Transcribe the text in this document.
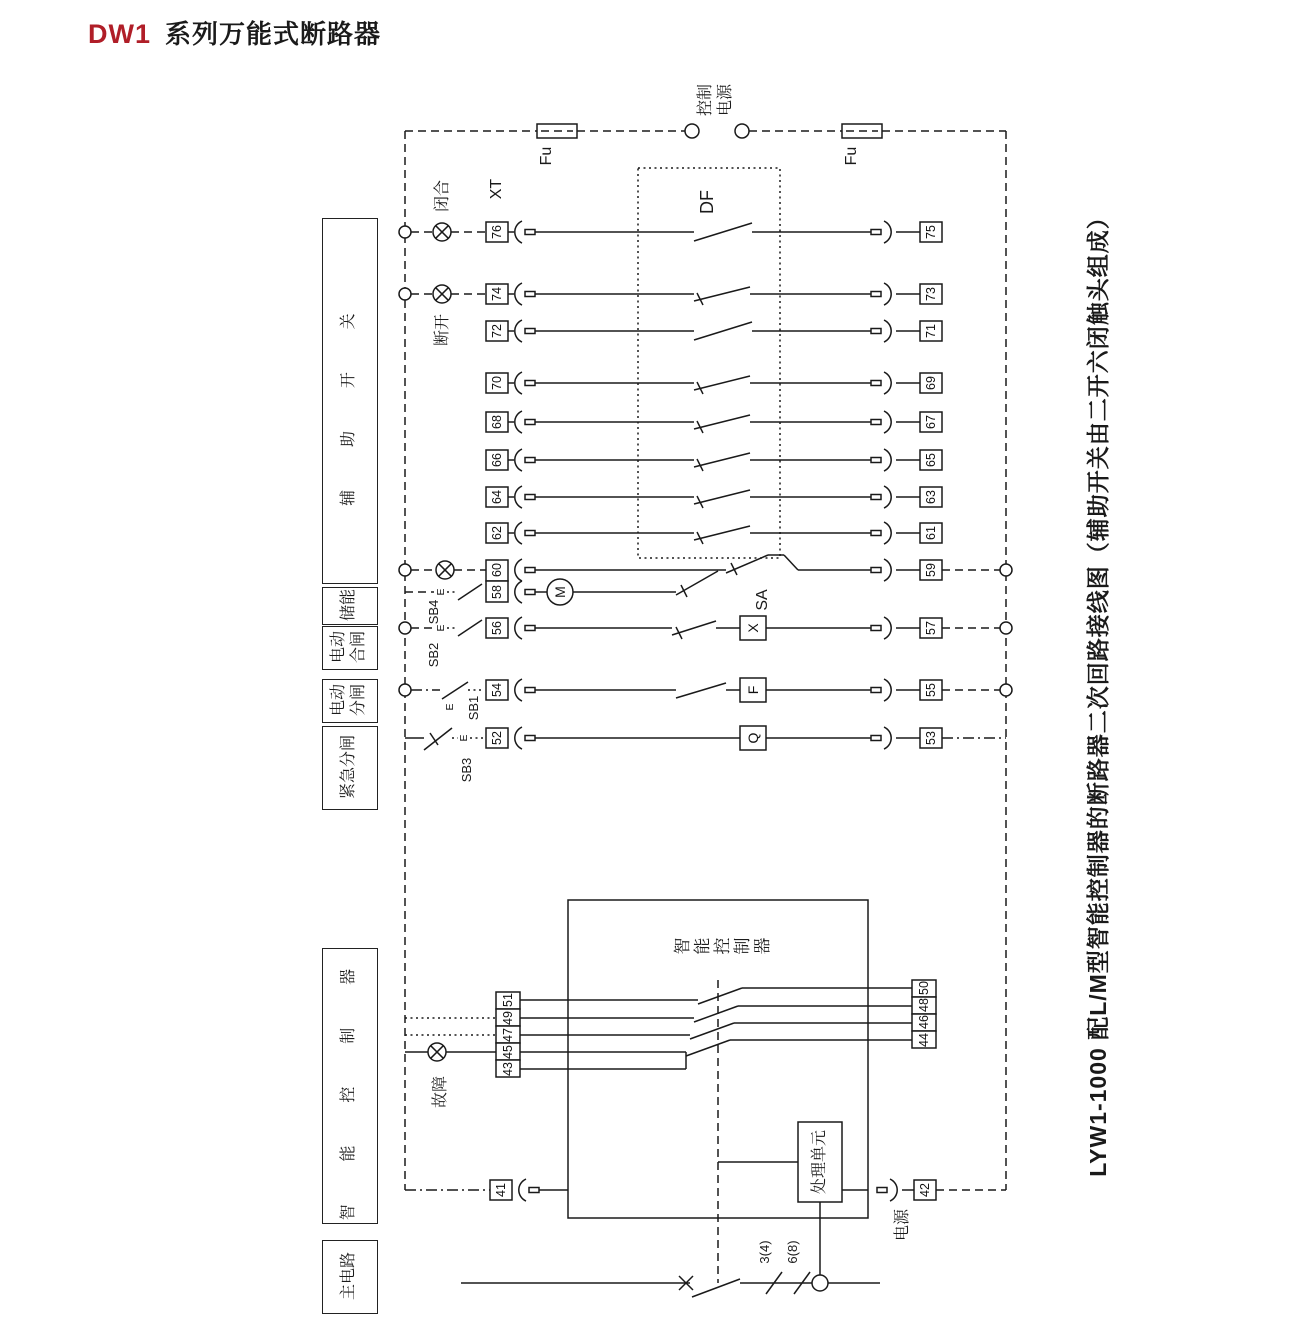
DW1 系列万能式断路器
LYW1-1000 配L/M型智能控制器的断路器二次回路接线图（辅助开关由二开六闭触头组成）
辅 助 开 关
储能
电动 合闸
电动 分闸
紧急分闸
智 能 控 制 器
主电路
控制 电源
Fu	Fu
XT
DF
闭合
断开
SA
SB4
SB2
SB1
SB3
故障
智能控制器
处理单元
电源
3(4) 6(8)
76	75
74	73
72	71
70	69
68	67
66	65
64	63
62	61
59
E	M
60
58
E	56	X	57
E
54	F	55
E 52	Q	53
51
49
47
45
43
50
48
46
44
41	42
